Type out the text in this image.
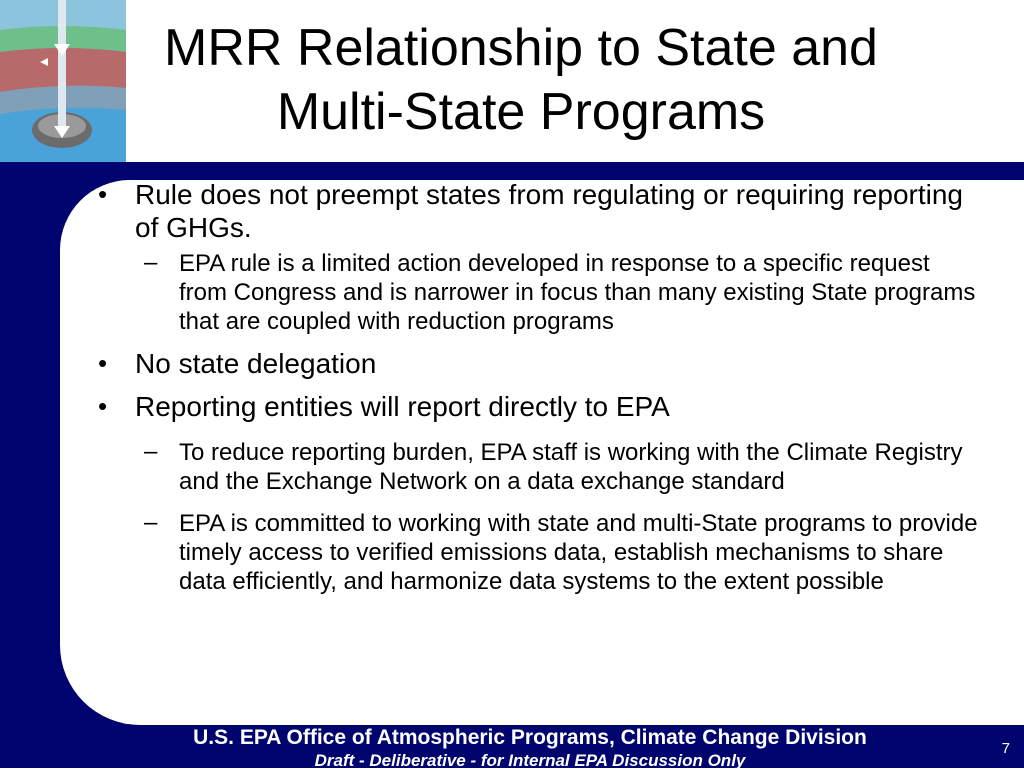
MRR Relationship to State and
Multi-State Programs
• Rule does not preempt states from regulating or requiring reporting of GHGs.
– EPA rule is a limited action developed in response to a specific request from Congress and is narrower in focus than many existing State programs that are coupled with reduction programs
• No state delegation
• Reporting entities will report directly to EPA
– To reduce reporting burden, EPA staff is working with the Climate Registry and the Exchange Network on a data exchange standard
– EPA is committed to working with state and multi-State programs to provide timely access to verified emissions data, establish mechanisms to share data efficiently, and harmonize data systems to the extent possible
U.S. EPA Office of Atmospheric Programs, Climate Change Division
Draft - Deliberative - for Internal EPA Discussion Only
7
